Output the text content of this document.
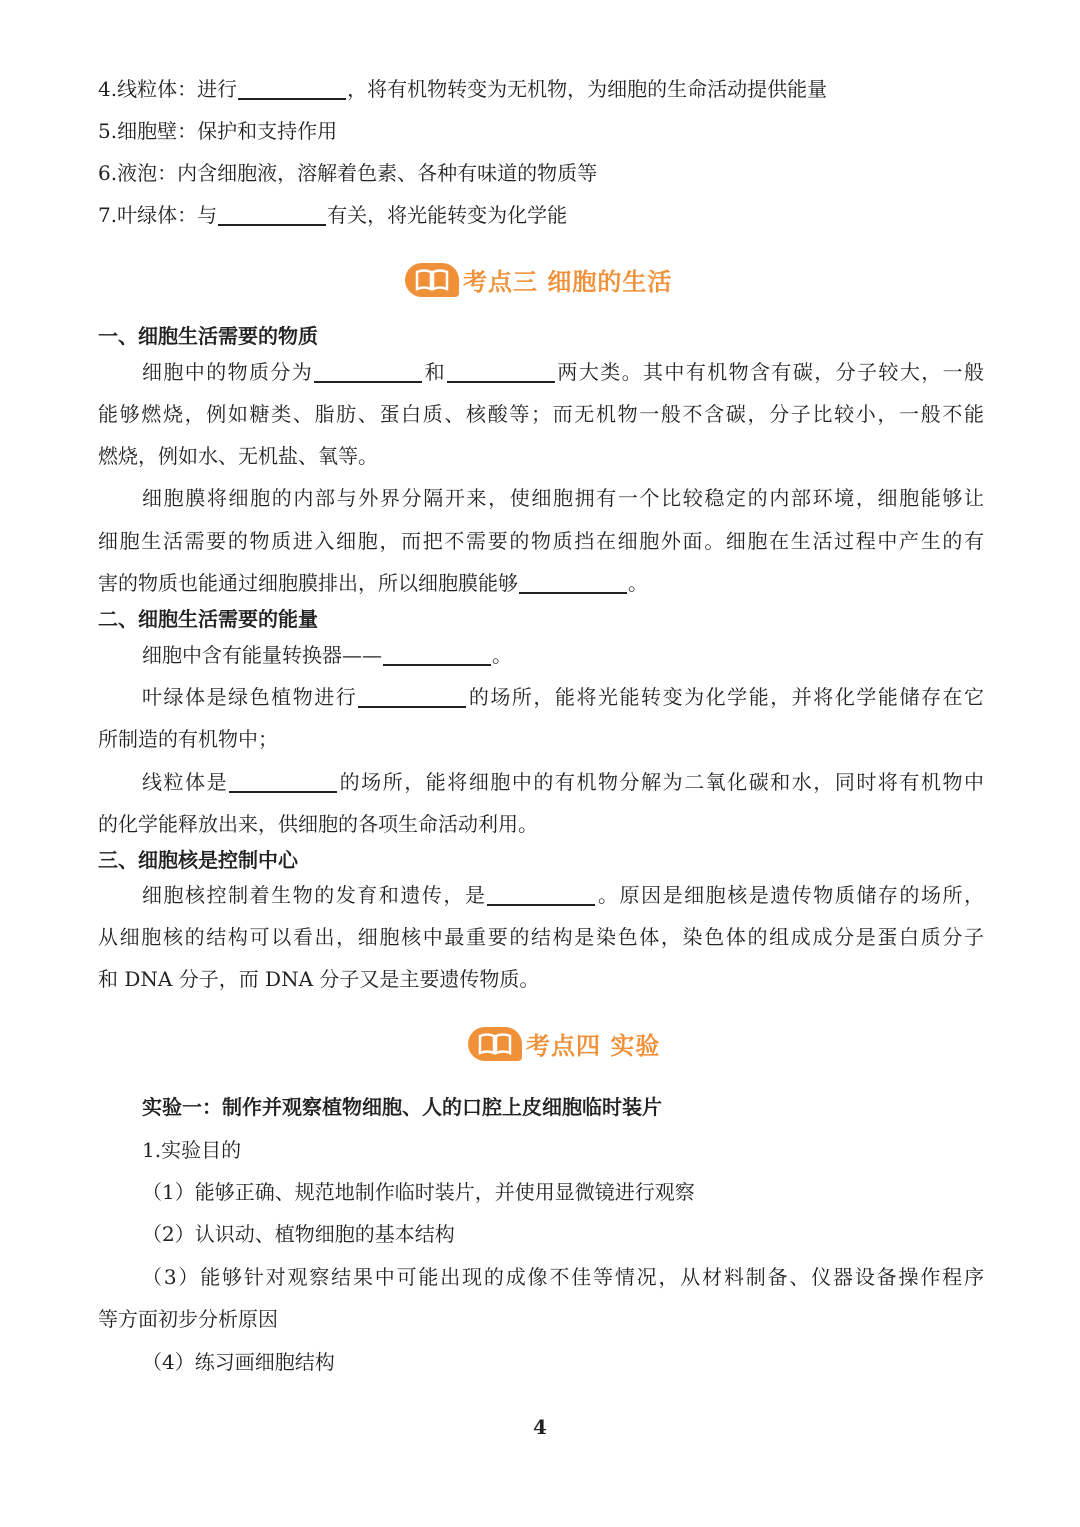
4.线粒体：进行	，将有机物转变为无机物，为细胞的生命活动提供能量
5.细胞壁：保护和支持作用
6.液泡：内含细胞液，溶解着色素、各种有味道的物质等
7.叶绿体：与	有关，将光能转变为化学能
考点三 细胞的生活
一、细胞生活需要的物质
细胞中的物质分为	和	两大类。其中有机物含有碳，分子较大，一般
能够燃烧，例如糖类、脂肪、蛋白质、核酸等；而无机物一般不含碳，分子比较小，一般不能
燃烧，例如水、无机盐、氧等。
细胞膜将细胞的内部与外界分隔开来，使细胞拥有一个比较稳定的内部环境，细胞能够让
细胞生活需要的物质进入细胞，而把不需要的物质挡在细胞外面。细胞在生活过程中产生的有
害的物质也能通过细胞膜排出，所以细胞膜能够	。
二、细胞生活需要的能量
细胞中含有能量转换器——	。
叶绿体是绿色植物进行	的场所，能将光能转变为化学能，并将化学能储存在它
所制造的有机物中；
线粒体是	的场所，能将细胞中的有机物分解为二氧化碳和水，同时将有机物中
的化学能释放出来，供细胞的各项生命活动利用。
三、细胞核是控制中心
细胞核控制着生物的发育和遗传，是	。原因是细胞核是遗传物质储存的场所，
从细胞核的结构可以看出，细胞核中最重要的结构是染色体，染色体的组成成分是蛋白质分子
和 DNA 分子，而 DNA 分子又是主要遗传物质。
考点四 实验
实验一：制作并观察植物细胞、人的口腔上皮细胞临时装片
1.实验目的
（1）能够正确、规范地制作临时装片，并使用显微镜进行观察
（2）认识动、植物细胞的基本结构
（3）能够针对观察结果中可能出现的成像不佳等情况，从材料制备、仪器设备操作程序
等方面初步分析原因
（4）练习画细胞结构
4
